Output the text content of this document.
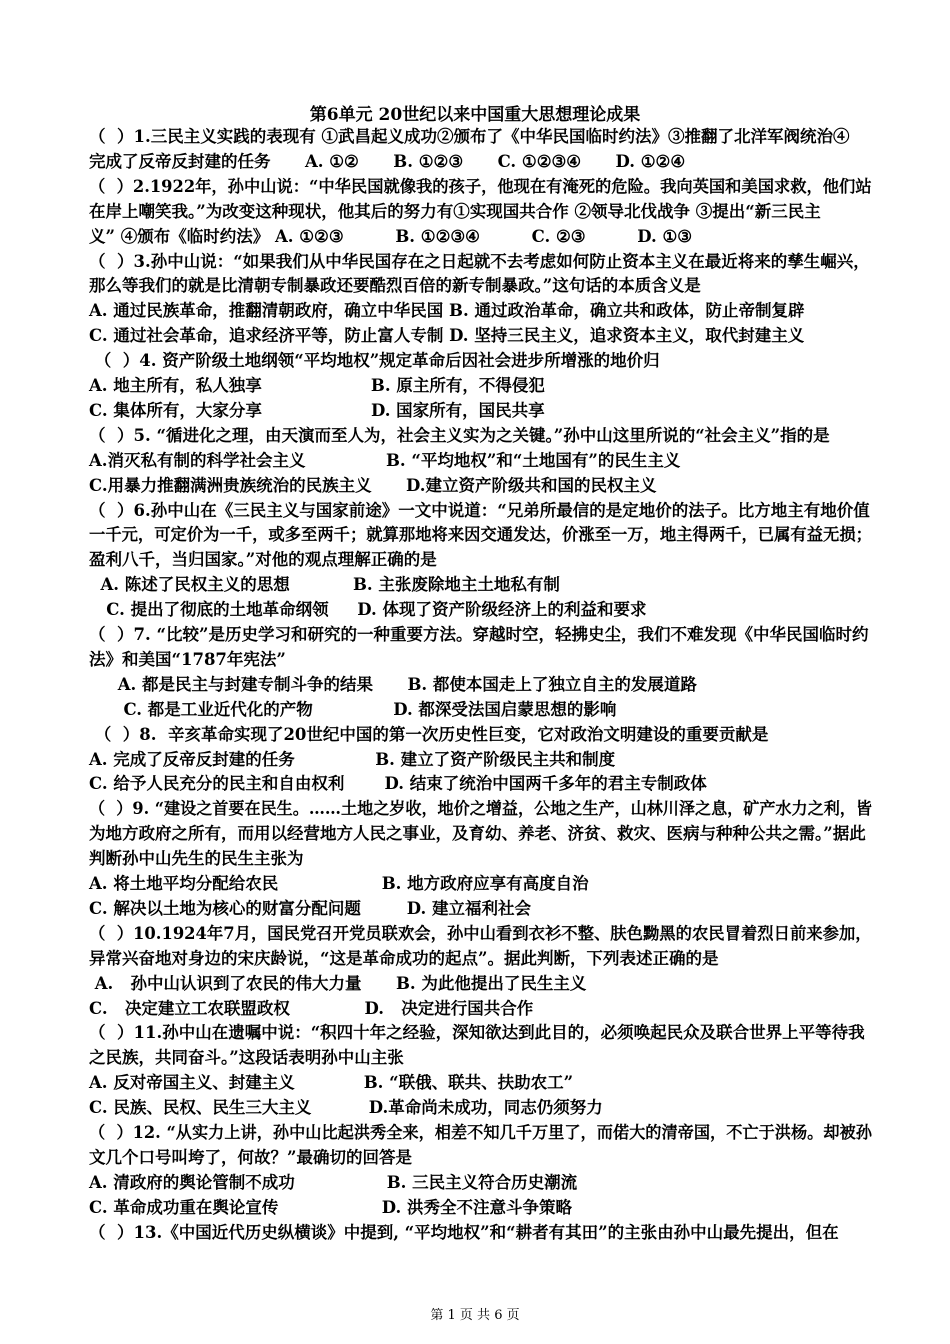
第6单元 20世纪以来中国重大思想理论成果
（  ）1.三民主义实践的表现有 ①武昌起义成功②颁布了《中华民国临时约法》③推翻了北洋军阀统治④
完成了反帝反封建的任务      A. ①②      B. ①②③      C. ①②③④      D. ①②④
（  ）2.1922年，孙中山说：“中华民国就像我的孩子，他现在有淹死的危险。我向英国和美国求救，他们站
在岸上嘲笑我。”为改变这种现状，他其后的努力有①实现国共合作 ②领导北伐战争 ③提出“新三民主
义” ④颁布《临时约法》 A. ①②③         B. ①②③④         C. ②③         D. ①③
（  ）3.孙中山说：“如果我们从中华民国存在之日起就不去考虑如何防止资本主义在最近将来的孳生崛兴，
那么等我们的就是比清朝专制暴政还要酷烈百倍的新专制暴政。”这句话的本质含义是
A. 通过民族革命，推翻清朝政府，确立中华民国 B. 通过政治革命，确立共和政体，防止帝制复辟
C. 通过社会革命，追求经济平等，防止富人专制 D. 坚持三民主义，追求资本主义，取代封建主义
（  ）4. 资产阶级土地纲领“平均地权”规定革命后因社会进步所增涨的地价归
A. 地主所有，私人独享                   B. 原主所有，不得侵犯
C. 集体所有，大家分享                   D. 国家所有，国民共享
（  ）5. “循进化之理，由天演而至人为，社会主义实为之关键。”孙中山这里所说的“社会主义”指的是
A.消灭私有制的科学社会主义              B. “平均地权”和“土地国有”的民生主义
C.用暴力推翻满洲贵族统治的民族主义      D.建立资产阶级共和国的民权主义
（  ）6.孙中山在《三民主义与国家前途》一文中说道：“兄弟所最信的是定地价的法子。比方地主有地价值
一千元，可定价为一千，或多至两千；就算那地将来因交通发达，价涨至一万，地主得两千，已属有益无损；
盈利八千，当归国家。”对他的观点理解正确的是
A. 陈述了民权主义的思想           B. 主张废除地主土地私有制
C. 提出了彻底的土地革命纲领     D. 体现了资产阶级经济上的利益和要求
（  ）7. “比较”是历史学习和研究的一种重要方法。穿越时空，轻拂史尘，我们不难发现《中华民国临时约
法》和美国“1787年宪法”
A. 都是民主与封建专制斗争的结果      B. 都使本国走上了独立自主的发展道路
C. 都是工业近代化的产物              D. 都深受法国启蒙思想的影响
（  ）8.  辛亥革命实现了20世纪中国的第一次历史性巨变，它对政治文明建设的重要贡献是
A. 完成了反帝反封建的任务              B. 建立了资产阶级民主共和制度
C. 给予人民充分的民主和自由权利       D. 结束了统治中国两千多年的君主专制政体
（  ）9. “建设之首要在民生。……土地之岁收，地价之增益，公地之生产，山林川泽之息，矿产水力之利，皆
为地方政府之所有，而用以经营地方人民之事业，及育幼、养老、济贫、救灾、医病与种种公共之需。”据此
判断孙中山先生的民生主张为
A. 将土地平均分配给农民                  B. 地方政府应享有高度自治
C. 解决以土地为核心的财富分配问题        D. 建立福利社会
（  ）10.1924年7月，国民党召开党员联欢会，孙中山看到衣衫不整、肤色黝黑的农民冒着烈日前来参加，
异常兴奋地对身边的宋庆龄说，“这是革命成功的起点”。据此判断，下列表述正确的是
A.   孙中山认识到了农民的伟大力量      B. 为此他提出了民生主义
C.   决定建立工农联盟政权             D.   决定进行国共合作
（  ）11.孙中山在遗嘱中说：“积四十年之经验，深知欲达到此目的，必须唤起民众及联合世界上平等待我
之民族，共同奋斗。”这段话表明孙中山主张
A. 反对帝国主义、封建主义            B. “联俄、联共、扶助农工”
C. 民族、民权、民生三大主义          D.革命尚未成功，同志仍须努力
（  ）12. “从实力上讲，孙中山比起洪秀全来，相差不知几千万里了，而偌大的清帝国，不亡于洪杨。却被孙
文几个口号叫垮了，何故？”最确切的回答是
A. 清政府的舆论管制不成功                B. 三民主义符合历史潮流
C. 革命成功重在舆论宣传                  D. 洪秀全不注意斗争策略
（  ）13.《中国近代历史纵横谈》中提到, “平均地权”和“耕者有其田”的主张由孙中山最先提出，但在
第 1 页 共 6 页
